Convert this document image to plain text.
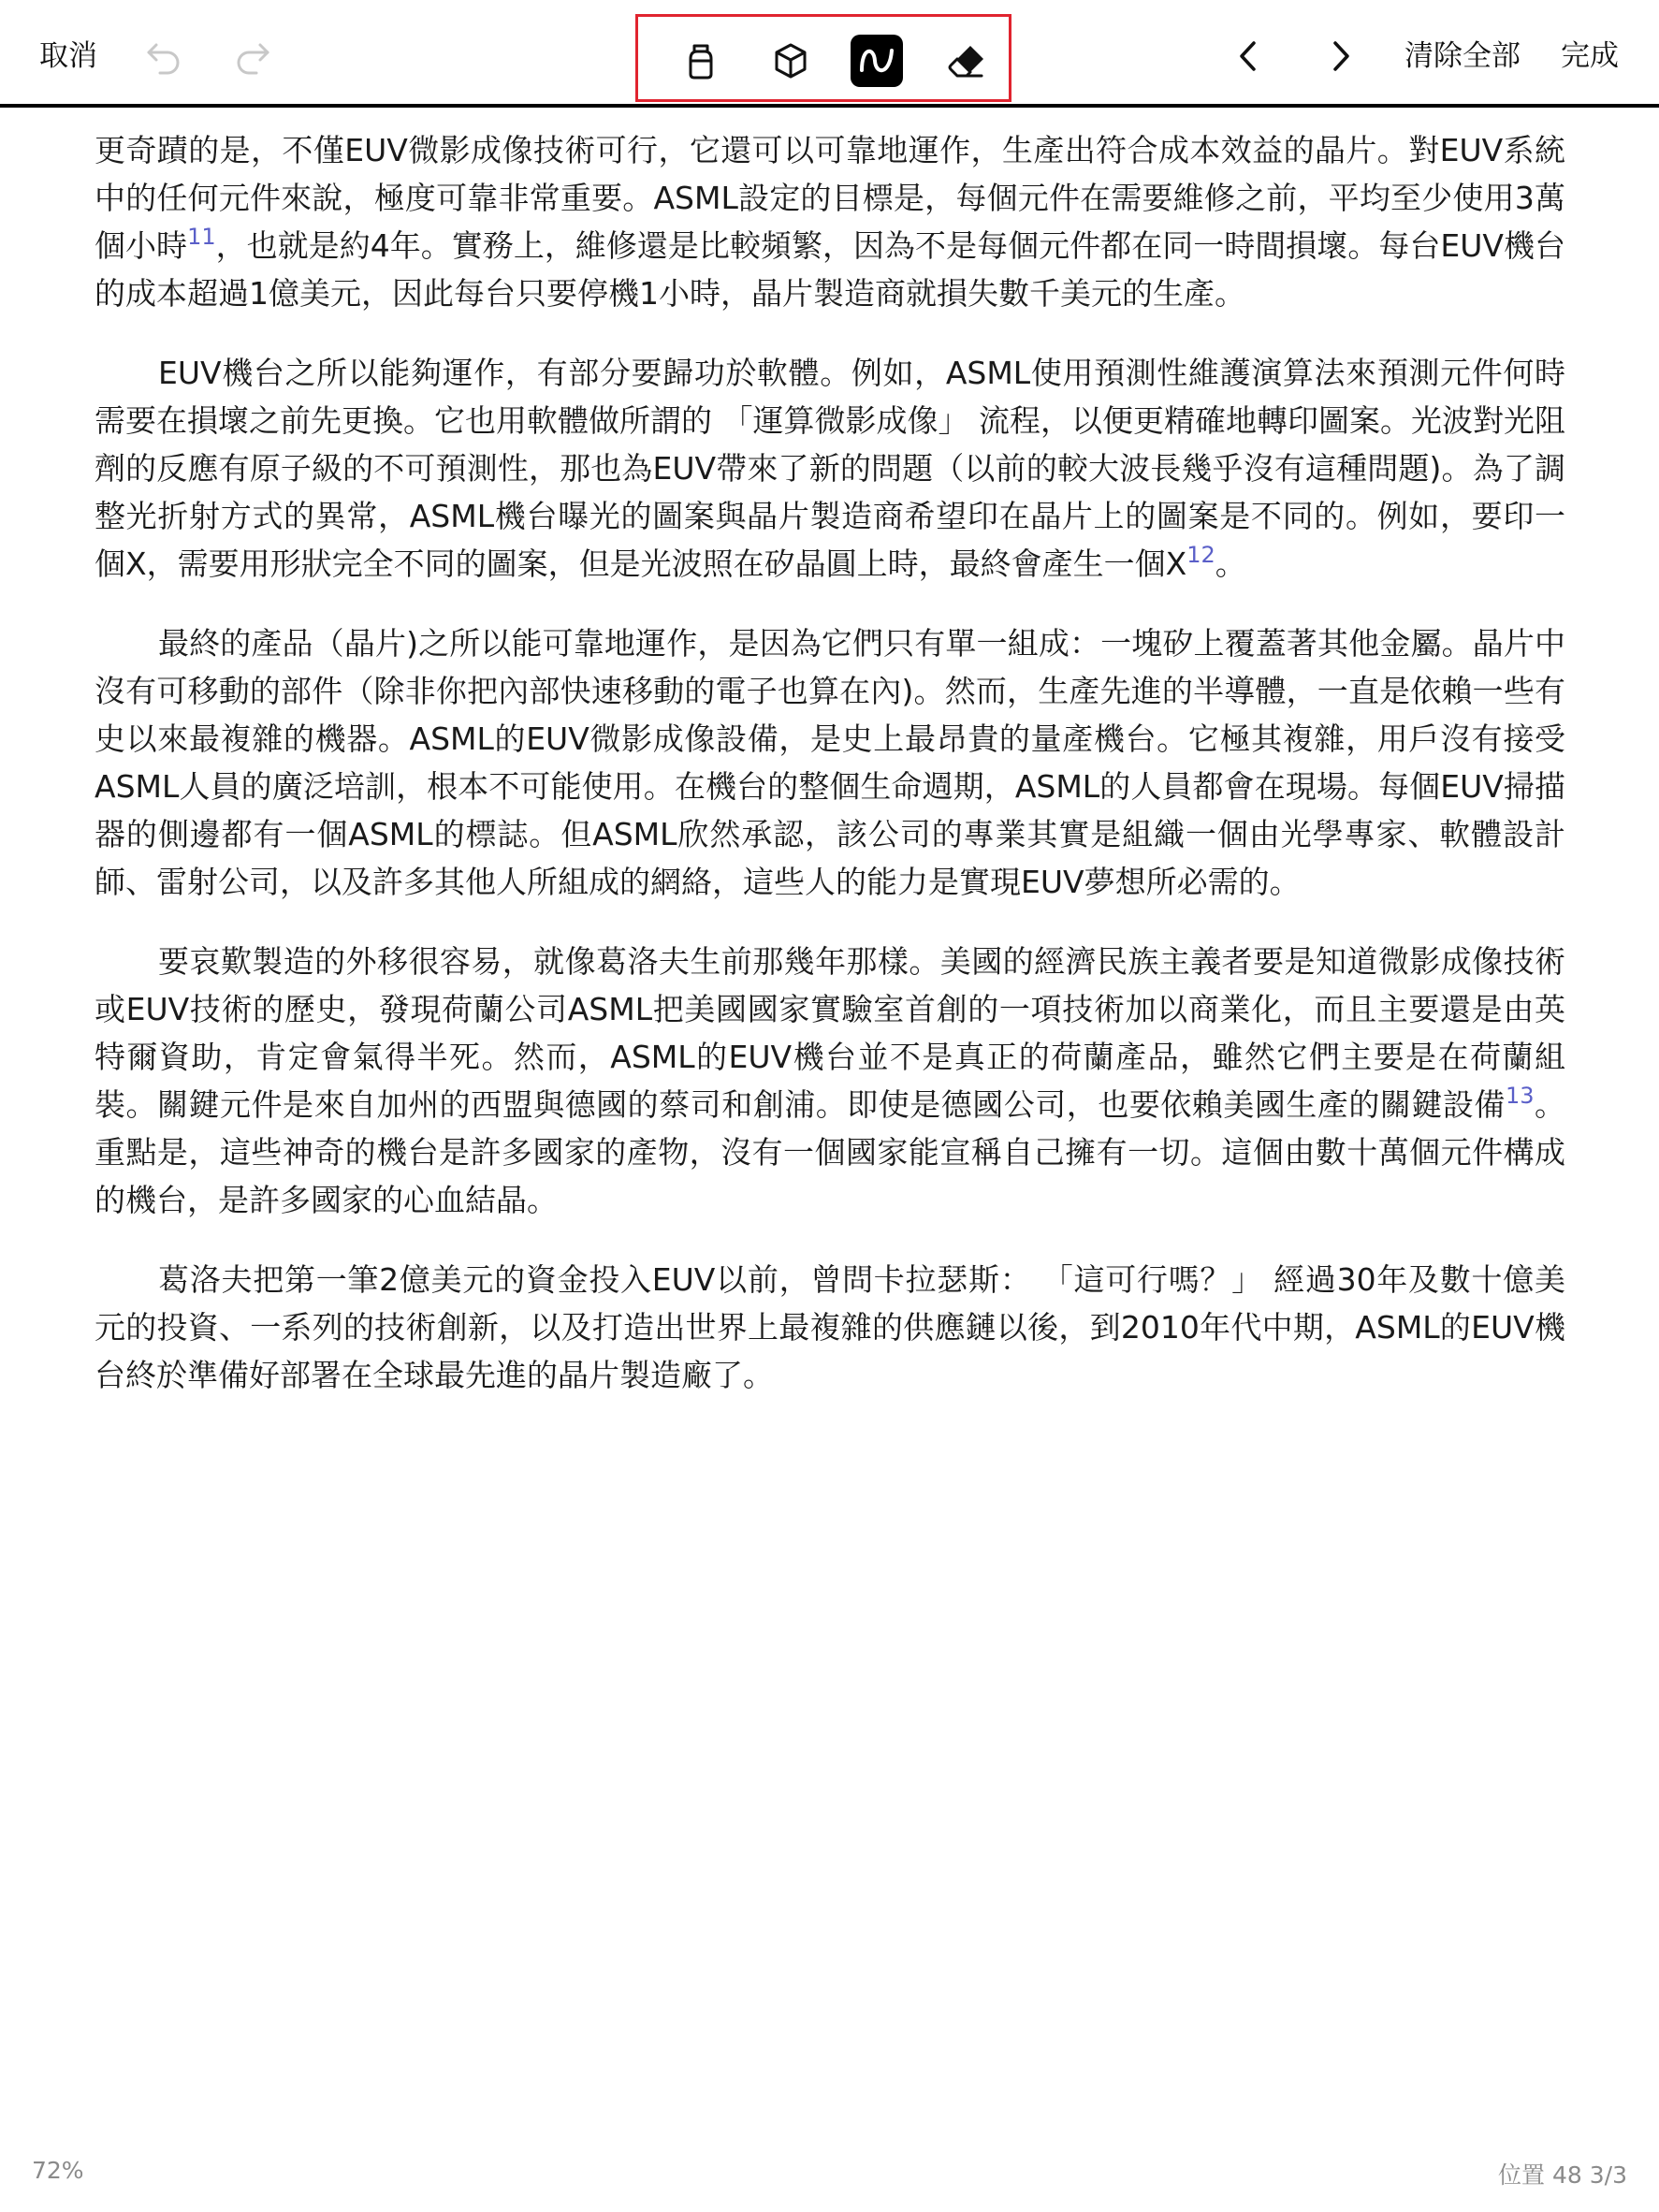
取消	清除全部 完成

更奇蹟的是，不僅EUV微影成像技術可行，它還可以可靠地運作，生產出符合成本效益的晶片。對EUV系統中的任何元件來說，極度可靠非常重要。ASML設定的目標是，每個元件在需要維修之前，平均至少使用3萬個小時$^{11}$，也就是約4年。實務上，維修還是比較頻繁，因為不是每個元件都在同一時間損壞。每台EUV機台的成本超過1億美元，因此每台只要停機1小時，晶片製造商就損失數千美元的生產。

EUV機台之所以能夠運作，有部分要歸功於軟體。例如，ASML使用預測性維護演算法來預測元件何時需要在損壞之前先更換。它也用軟體做所謂的 「運算微影成像」 流程，以便更精確地轉印圖案。光波對光阻劑的反應有原子級的不可預測性，那也為EUV帶來了新的問題（以前的較大波長幾乎沒有這種問題)。為了調整光折射方式的異常，ASML機台曝光的圖案與晶片製造商希望印在晶片上的圖案是不同的。例如，要印一個X，需要用形狀完全不同的圖案，但是光波照在矽晶圓上時，最終會產生一個X$^{12}$。

最終的產品（晶片)之所以能可靠地運作，是因為它們只有單一組成：一塊矽上覆蓋著其他金屬。晶片中沒有可移動的部件（除非你把內部快速移動的電子也算在內)。然而，生產先進的半導體，一直是依賴一些有史以來最複雜的機器。ASML的EUV微影成像設備，是史上最昂貴的量產機台。它極其複雜，用戶沒有接受ASML人員的廣泛培訓，根本不可能使用。在機台的整個生命週期，ASML的人員都會在現場。每個EUV掃描器的側邊都有一個ASML的標誌。但ASML欣然承認，該公司的專業其實是組織一個由光學專家、軟體設計師、雷射公司，以及許多其他人所組成的網絡，這些人的能力是實現EUV夢想所必需的。

要哀歎製造的外移很容易，就像葛洛夫生前那幾年那樣。美國的經濟民族主義者要是知道微影成像技術或EUV技術的歷史，發現荷蘭公司ASML把美國國家實驗室首創的一項技術加以商業化，而且主要還是由英特爾資助，肯定會氣得半死。然而，ASML的EUV機台並不是真正的荷蘭產品，雖然它們主要是在荷蘭組裝。關鍵元件是來自加州的西盟與德國的蔡司和創浦。即使是德國公司，也要依賴美國生產的關鍵設備$^{13}$。重點是，這些神奇的機台是許多國家的產物，沒有一個國家能宣稱自己擁有一切。這個由數十萬個元件構成的機台，是許多國家的心血結晶。

葛洛夫把第一筆2億美元的資金投入EUV以前，曾問卡拉瑟斯： 「這可行嗎？」 經過30年及數十億美元的投資、一系列的技術創新，以及打造出世界上最複雜的供應鏈以後，到2010年代中期，ASML的EUV機台終於準備好部署在全球最先進的晶片製造廠了。

72%	位置 48 3/3
